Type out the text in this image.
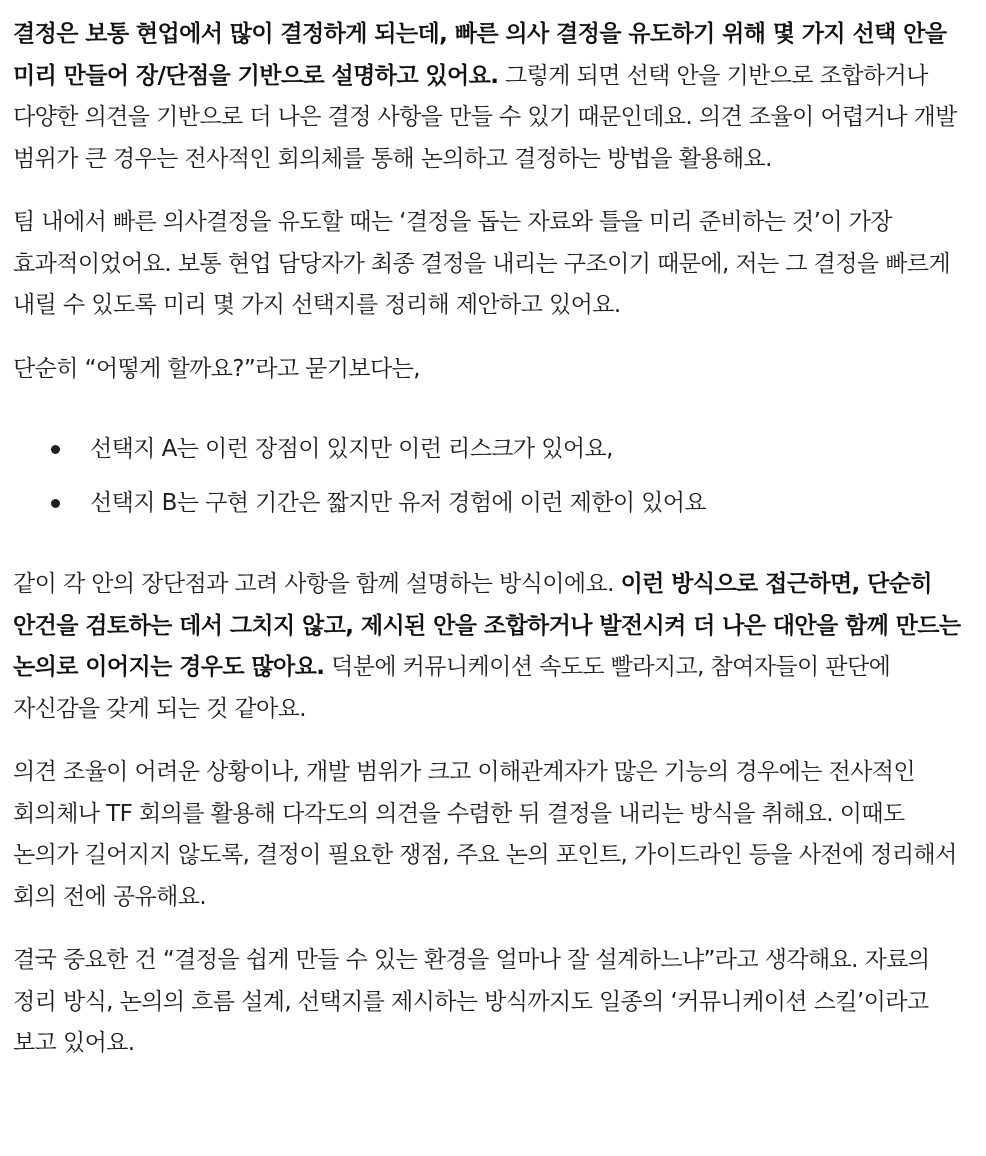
결정은 보통 현업에서 많이 결정하게 되는데, 빠른 의사 결정을 유도하기 위해 몇 가지 선택 안을 미리 만들어 장/단점을 기반으로 설명하고 있어요. 그렇게 되면 선택 안을 기반으로 조합하거나 다양한 의견을 기반으로 더 나은 결정 사항을 만들 수 있기 때문인데요. 의견 조율이 어렵거나 개발 범위가 큰 경우는 전사적인 회의체를 통해 논의하고 결정하는 방법을 활용해요.

팀 내에서 빠른 의사결정을 유도할 때는 ‘결정을 돕는 자료와 틀을 미리 준비하는 것’이 가장 효과적이었어요. 보통 현업 담당자가 최종 결정을 내리는 구조이기 때문에, 저는 그 결정을 빠르게 내릴 수 있도록 미리 몇 가지 선택지를 정리해 제안하고 있어요.

단순히 “어떻게 할까요?”라고 묻기보다는,

선택지 A는 이런 장점이 있지만 이런 리스크가 있어요,
선택지 B는 구현 기간은 짧지만 유저 경험에 이런 제한이 있어요

같이 각 안의 장단점과 고려 사항을 함께 설명하는 방식이에요. 이런 방식으로 접근하면, 단순히 안건을 검토하는 데서 그치지 않고, 제시된 안을 조합하거나 발전시켜 더 나은 대안을 함께 만드는 논의로 이어지는 경우도 많아요. 덕분에 커뮤니케이션 속도도 빨라지고, 참여자들이 판단에 자신감을 갖게 되는 것 같아요.

의견 조율이 어려운 상황이나, 개발 범위가 크고 이해관계자가 많은 기능의 경우에는 전사적인 회의체나 TF 회의를 활용해 다각도의 의견을 수렴한 뒤 결정을 내리는 방식을 취해요. 이때도 논의가 길어지지 않도록, 결정이 필요한 쟁점, 주요 논의 포인트, 가이드라인 등을 사전에 정리해서 회의 전에 공유해요.

결국 중요한 건 “결정을 쉽게 만들 수 있는 환경을 얼마나 잘 설계하느냐”라고 생각해요. 자료의 정리 방식, 논의의 흐름 설계, 선택지를 제시하는 방식까지도 일종의 ‘커뮤니케이션 스킬’이라고 보고 있어요.
